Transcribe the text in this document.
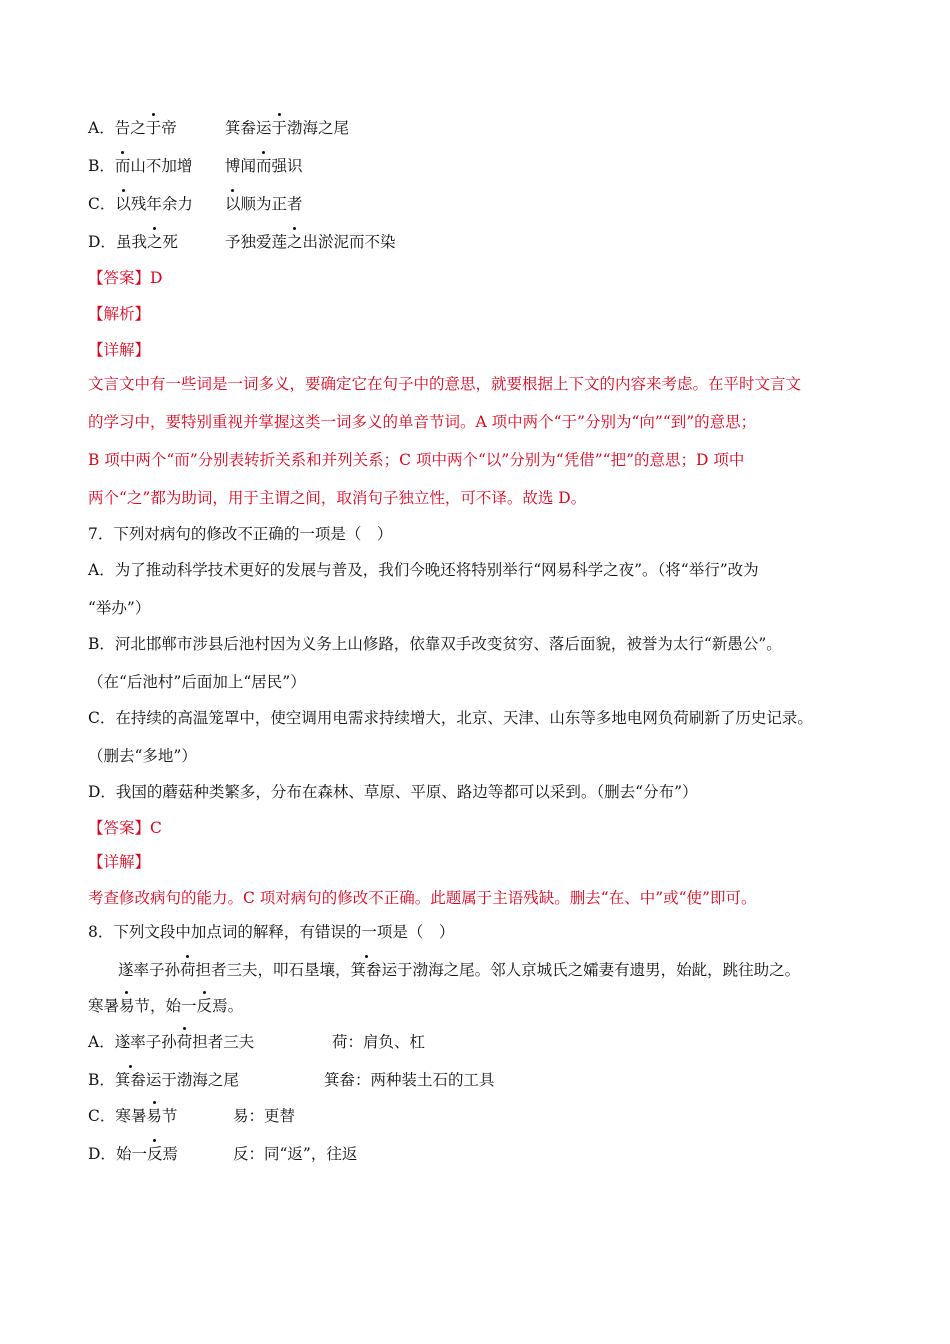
A．告之于帝	箕畚运于渤海之尾
B．而山不加增 博闻而强识
C．以残年余力 以顺为正者
D．虽我之死	予独爱莲之出淤泥而不染
【答案】D
【解析】
【详解】
文言文中有一些词是一词多义，要确定它在句子中的意思，就要根据上下文的内容来考虑。在平时文言文
的学习中，要特别重视并掌握这类一词多义的单音节词。A 项中两个“于”分别为“向”“到”的意思；
B 项中两个“而”分别表转折关系和并列关系；C 项中两个“以”分别为“凭借”“把”的意思；D 项中
两个“之”都为助词，用于主谓之间，取消句子独立性，可不译。故选 D。
7．下列对病句的修改不正确的一项是（　）
A．为了推动科学技术更好的发展与普及，我们今晚还将特别举行“网易科学之夜”。（将“举行”改为
“举办”）
B．河北邯郸市涉县后池村因为义务上山修路，依靠双手改变贫穷、落后面貌，被誉为太行“新愚公”。
（在“后池村”后面加上“居民”）
C．在持续的高温笼罩中，使空调用电需求持续增大，北京、天津、山东等多地电网负荷刷新了历史记录。
（删去“多地”）
D．我国的蘑菇种类繁多，分布在森林、草原、平原、路边等都可以采到。（删去“分布”）
【答案】C
【详解】
考查修改病句的能力。C 项对病句的修改不正确。此题属于主语残缺。删去“在、中”或“使”即可。
8．下列文段中加点词的解释，有错误的一项是（　）
遂率子孙荷担者三夫，叩石垦壤，箕畚运于渤海之尾。邻人京城氏之孀妻有遗男，始龀，跳往助之。
寒暑易节，始一反焉。
A．遂率子孙荷担者三夫	荷：肩负、杠
B．箕畚运于渤海之尾	箕畚：两种装土石的工具
C．寒暑易节	易：更替
D．始一反焉	反：同“返”，往返
